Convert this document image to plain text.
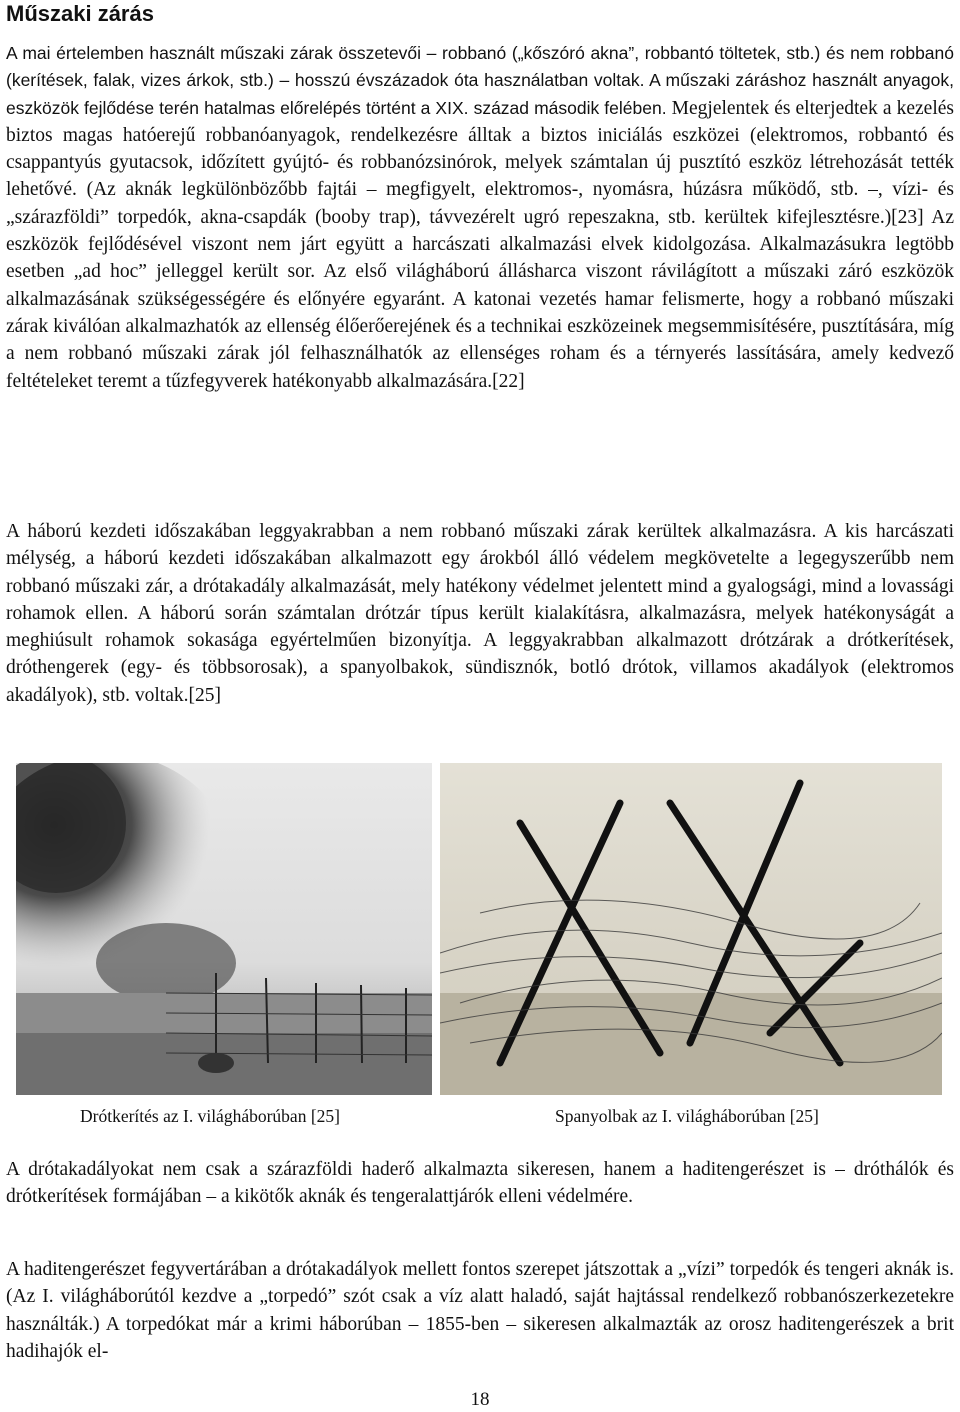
Műszaki zárás

A mai értelemben használt műszaki zárak összetevői – robbanó („kőszóró akna”, robbantó töltetek, stb.) és nem robbanó (kerítések, falak, vizes árkok, stb.) – hosszú évszázadok óta használatban voltak. A műszaki záráshoz használt anyagok, eszközök fejlődése terén hatalmas előrelépés történt a XIX. század második felében. Megjelentek és elterjedtek a kezelés biztos magas hatóerejű robbanóanyagok, rendelkezésre álltak a biztos iniciálás eszközei (elektromos, robbantó és csappantyús gyutacsok, időzített gyújtó- és robbanózsinórok, melyek számtalan új pusztító eszköz létrehozását tették lehetővé. (Az aknák legkülönbözőbb fajtái – megfigyelt, elektromos-, nyomásra, húzásra működő, stb. –, vízi- és „szárazföldi” torpedók, akna-csapdák (booby trap), távvezérelt ugró repeszakna, stb. kerültek kifejlesztésre.)[23] Az eszközök fejlődésével viszont nem járt együtt a harcászati alkalmazási elvek kidolgozása. Alkalmazásukra legtöbb esetben „ad hoc” jelleggel került sor. Az első világháború állásharca viszont rávilágított a műszaki záró eszközök alkalmazásának szükségességére és előnyére egyaránt. A katonai vezetés hamar felismerte, hogy a robbanó műszaki zárak kiválóan alkalmazhatók az ellenség élőerőerejének és a technikai eszközeinek megsemmisítésére, pusztítására, míg a nem robbanó műszaki zárak jól felhasználhatók az ellenséges roham és a térnyerés lassítására, amely kedvező feltételeket teremt a tűzfegyverek hatékonyabb alkalmazására.[22]

A háború kezdeti időszakában leggyakrabban a nem robbanó műszaki zárak kerültek alkalmazásra. A kis harcászati mélység, a háború kezdeti időszakában alkalmazott egy árokból álló védelem megkövetelte a legegyszerűbb nem robbanó műszaki zár, a drótakadály alkalmazását, mely hatékony védelmet jelentett mind a gyalogsági, mind a lovassági rohamok ellen. A háború során számtalan drótzár típus került kialakításra, alkalmazásra, melyek hatékonyságát a meghiúsult rohamok sokasága egyértelműen bizonyítja. A leggyakrabban alkalmazott drótzárak a drótkerítések, dróthengerek (egy- és többsorosak), a spanyolbakok, sündisznók, botló drótok, villamos akadályok (elektromos akadályok), stb. voltak.[25]

Drótkerítés az I. világháborúban [25]	Spanyolbak az I. világháborúban [25]

A drótakadályokat nem csak a szárazföldi haderő alkalmazta sikeresen, hanem a haditengerészet is – dróthálók és drótkerítések formájában – a kikötők aknák és tengeralattjárók elleni védelmére.

A haditengerészet fegyvertárában a drótakadályok mellett fontos szerepet játszottak a „vízi” torpedók és tengeri aknák is. (Az I. világháborútól kezdve a „torpedó” szót csak a víz alatt haladó, saját hajtással rendelkező robbanószerkezetekre használták.) A torpedókat már a krimi háborúban – 1855-ben – sikeresen alkalmazták az orosz haditengerészek a brit hadihajók el-

18
